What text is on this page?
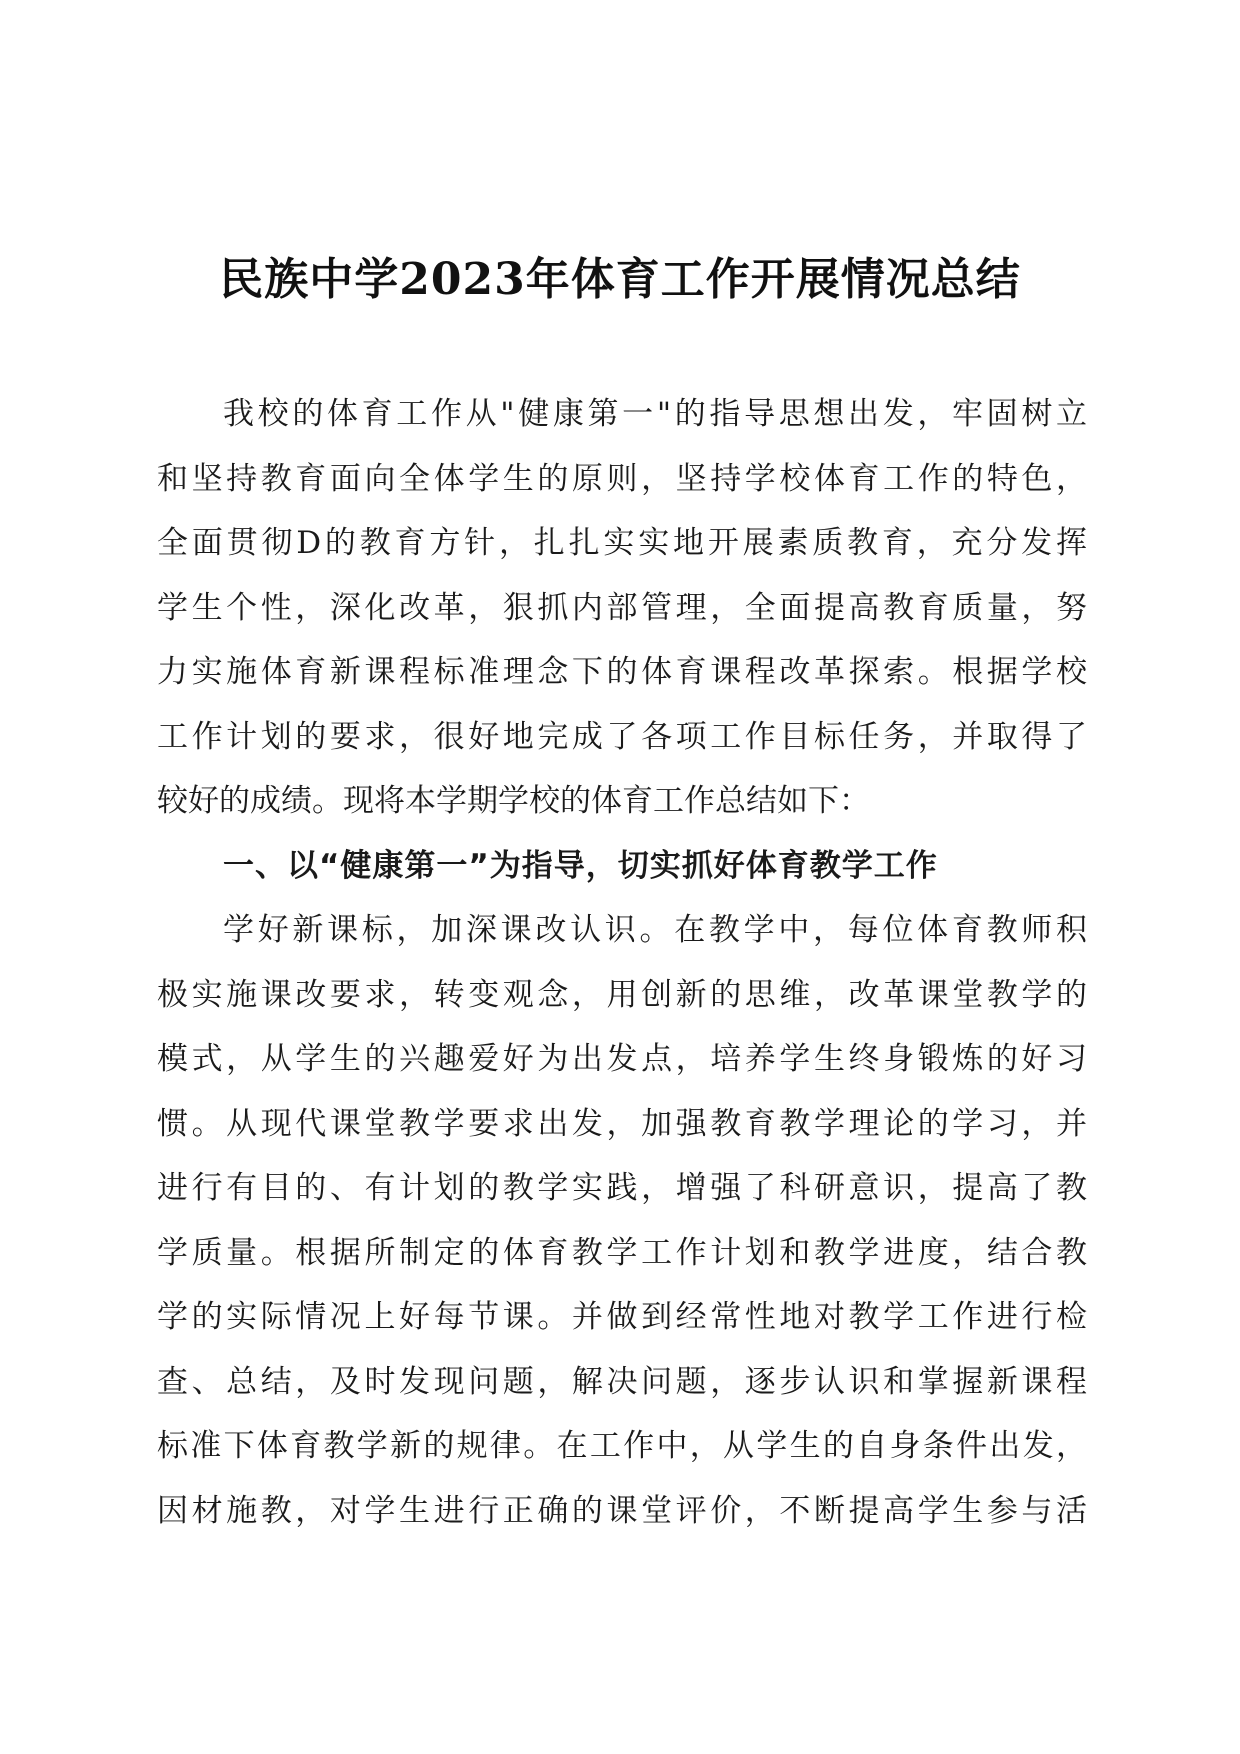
民族中学2023年体育工作开展情况总结
我校的体育工作从"健康第一"的指导思想出发，牢固树立
和坚持教育面向全体学生的原则，坚持学校体育工作的特色，
全面贯彻D的教育方针，扎扎实实地开展素质教育，充分发挥
学生个性，深化改革，狠抓内部管理，全面提高教育质量，努
力实施体育新课程标准理念下的体育课程改革探索。根据学校
工作计划的要求，很好地完成了各项工作目标任务，并取得了
较好的成绩。现将本学期学校的体育工作总结如下：
一、以“健康第一”为指导，切实抓好体育教学工作
学好新课标，加深课改认识。在教学中，每位体育教师积
极实施课改要求，转变观念，用创新的思维，改革课堂教学的
模式，从学生的兴趣爱好为出发点，培养学生终身锻炼的好习
惯。从现代课堂教学要求出发，加强教育教学理论的学习，并
进行有目的、有计划的教学实践，增强了科研意识，提高了教
学质量。根据所制定的体育教学工作计划和教学进度，结合教
学的实际情况上好每节课。并做到经常性地对教学工作进行检
查、总结，及时发现问题，解决问题，逐步认识和掌握新课程
标准下体育教学新的规律。在工作中，从学生的自身条件出发，
因材施教，对学生进行正确的课堂评价，不断提高学生参与活
